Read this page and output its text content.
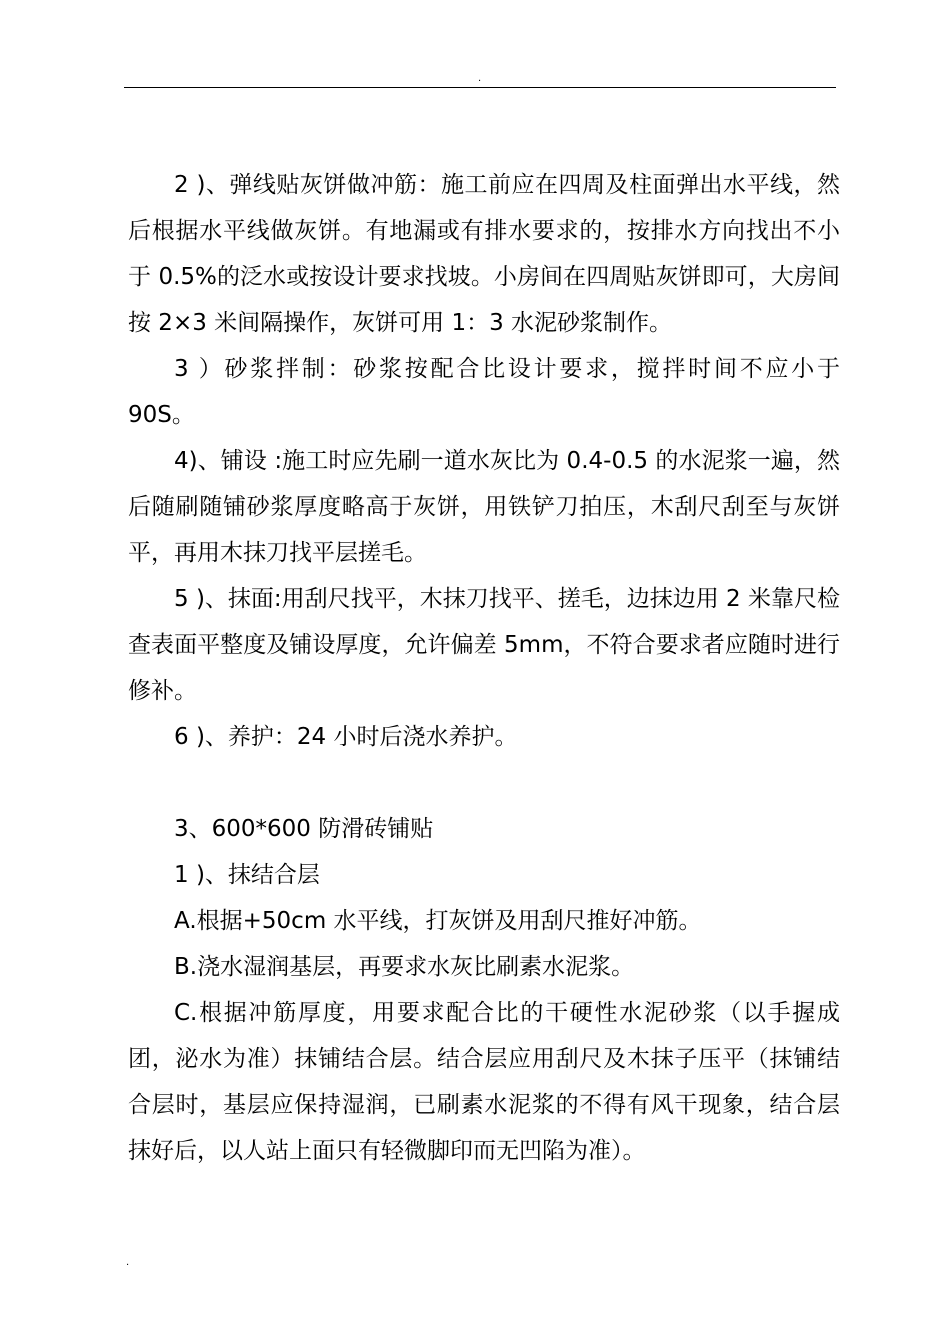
.

2 )、弹线贴灰饼做冲筋：施工前应在四周及柱面弹出水平线，然后根据水平线做灰饼。有地漏或有排水要求的，按排水方向找出不小于 0.5%的泛水或按设计要求找坡。小房间在四周贴灰饼即可，大房间按 2×3 米间隔操作，灰饼可用 1：3 水泥砂浆制作。

3 ）砂浆拌制：砂浆按配合比设计要求，搅拌时间不应小于 90S。

4)、铺设 :施工时应先刷一道水灰比为 0.4-0.5 的水泥浆一遍，然后随刷随铺砂浆厚度略高于灰饼，用铁铲刀拍压，木刮尺刮至与灰饼平，再用木抹刀找平层搓毛。

5 )、抹面:用刮尺找平，木抹刀找平、搓毛，边抹边用 2 米靠尺检查表面平整度及铺设厚度，允许偏差 5mm，不符合要求者应随时进行修补。

6 )、养护：24 小时后浇水养护。

3、600*600 防滑砖铺贴

1 )、抹结合层

A.根据+50cm 水平线，打灰饼及用刮尺推好冲筋。

B.浇水湿润基层，再要求水灰比刷素水泥浆。

C.根据冲筋厚度，用要求配合比的干硬性水泥砂浆（以手握成团，泌水为准）抹铺结合层。结合层应用刮尺及木抹子压平（抹铺结合层时，基层应保持湿润，已刷素水泥浆的不得有风干现象，结合层抹好后，以人站上面只有轻微脚印而无凹陷为准）。

.
